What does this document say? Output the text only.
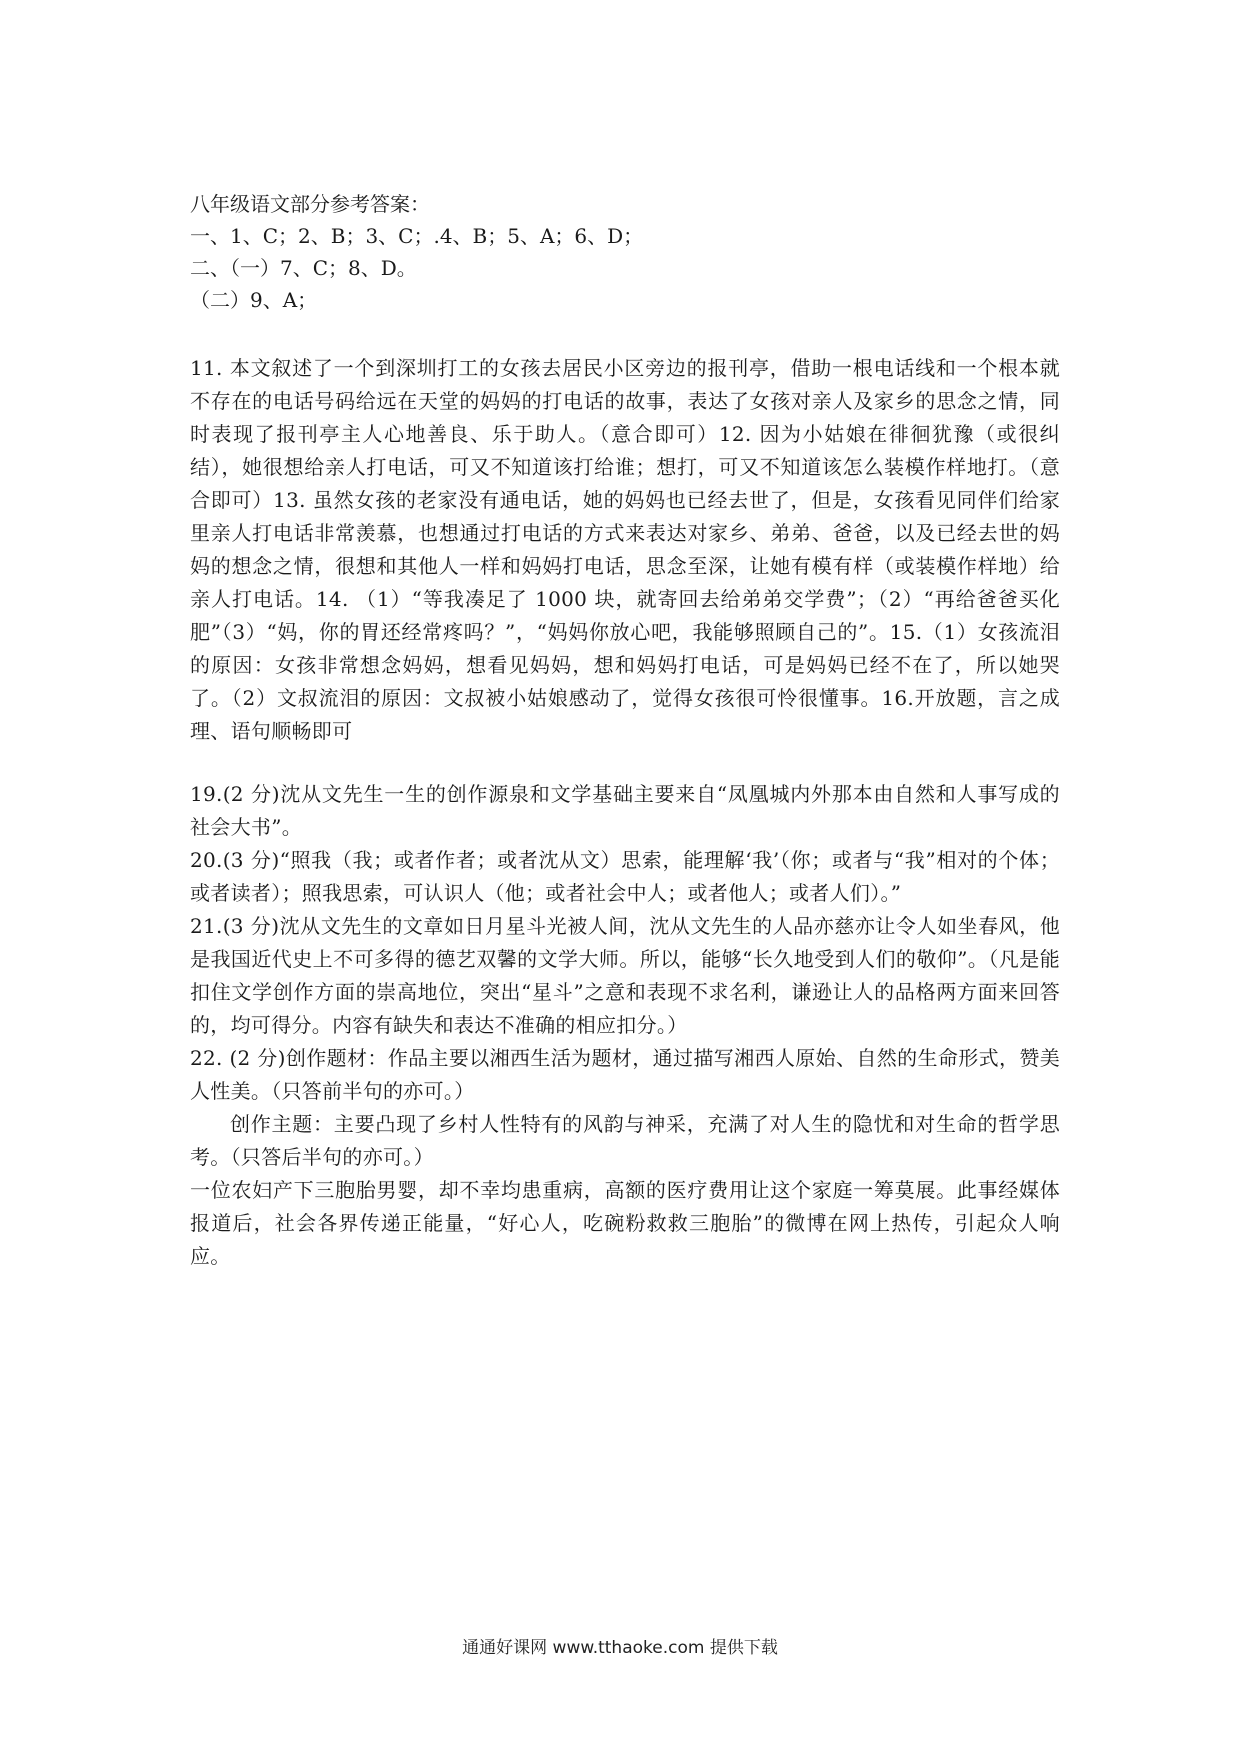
八年级语文部分参考答案：

一、1、C；2、B；3、C；.4、B；5、A；6、D；

二、（一）7、C；8、D。

（二）9、A；

11. 本文叙述了一个到深圳打工的女孩去居民小区旁边的报刊亭，借助一根电话线和一个根本就不存在的电话号码给远在天堂的妈妈的打电话的故事，表达了女孩对亲人及家乡的思念之情，同时表现了报刊亭主人心地善良、乐于助人。（意合即可）12. 因为小姑娘在徘徊犹豫（或很纠结），她很想给亲人打电话，可又不知道该打给谁；想打，可又不知道该怎么装模作样地打。（意合即可）13. 虽然女孩的老家没有通电话，她的妈妈也已经去世了，但是，女孩看见同伴们给家里亲人打电话非常羡慕，也想通过打电话的方式来表达对家乡、弟弟、爸爸，以及已经去世的妈妈的想念之情，很想和其他人一样和妈妈打电话，思念至深，让她有模有样（或装模作样地）给亲人打电话。14. （1）“等我凑足了 1000 块，就寄回去给弟弟交学费”；（2）“再给爸爸买化肥”（3）“妈，你的胃还经常疼吗？”，“妈妈你放心吧，我能够照顾自己的”。15.（1）女孩流泪的原因：女孩非常想念妈妈，想看见妈妈，想和妈妈打电话，可是妈妈已经不在了，所以她哭了。（2）文叔流泪的原因：文叔被小姑娘感动了，觉得女孩很可怜很懂事。16.开放题，言之成理、语句顺畅即可

19.(2 分)沈从文先生一生的创作源泉和文学基础主要来自“凤凰城内外那本由自然和人事写成的社会大书”。

20.(3 分)“照我（我；或者作者；或者沈从文）思索，能理解‘我’（你；或者与“我”相对的个体；或者读者）；照我思索，可认识人（他；或者社会中人；或者他人；或者人们）。”

21.(3 分)沈从文先生的文章如日月星斗光被人间，沈从文先生的人品亦慈亦让令人如坐春风，他是我国近代史上不可多得的德艺双馨的文学大师。所以，能够“长久地受到人们的敬仰”。（凡是能扣住文学创作方面的崇高地位，突出“星斗”之意和表现不求名利，谦逊让人的品格两方面来回答的，均可得分。内容有缺失和表达不准确的相应扣分。）

22. (2 分)创作题材：作品主要以湘西生活为题材，通过描写湘西人原始、自然的生命形式，赞美人性美。（只答前半句的亦可。）

创作主题：主要凸现了乡村人性特有的风韵与神采，充满了对人生的隐忧和对生命的哲学思考。（只答后半句的亦可。）

一位农妇产下三胞胎男婴，却不幸均患重病，高额的医疗费用让这个家庭一筹莫展。此事经媒体报道后，社会各界传递正能量，“好心人，吃碗粉救救三胞胎”的微博在网上热传，引起众人响应。

通通好课网 www.tthaoke.com 提供下载
